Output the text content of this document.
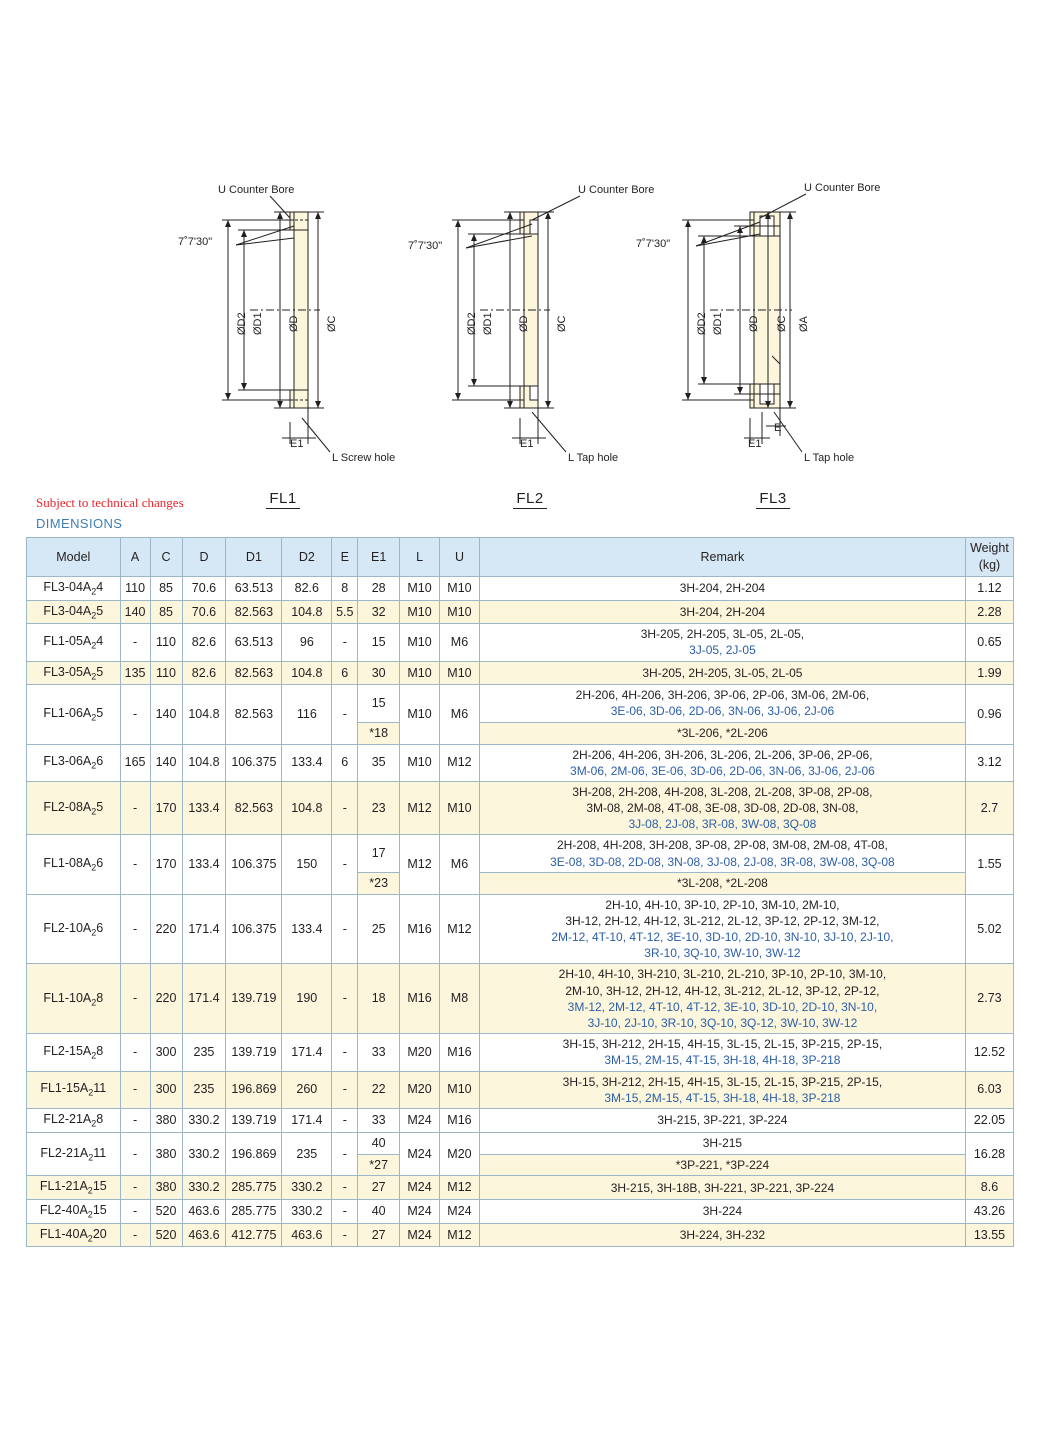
U Counter Bore
7˚7'30"
E1
L Screw hole
ØD2 ØD1 ØD ØC
FL1
U Counter Bore
7˚7'30"
E1
L Tap hole
ØD2 ØD1 ØD ØC
FL2
U Counter Bore
7˚7'30"
E1
E
L Tap hole
ØD2 ØD1 ØD ØC ØA
FL3
Subject to technical changes
DIMENSIONS
Model	A	C	D	D1	D2	E	E1	L	U	Remark	Weight
(kg)

$FL3-04A_24$	110	85	70.6	63.513	82.6	8	28	M10	M10	3H-204, 2H-204	1.12
$FL3-04A_25$	140	85	70.6	82.563	104.8	5.5	32	M10	M10	3H-204, 2H-204	2.28
$FL1-05A_24$	-	110	82.6	63.513	96	-	15	M10	M6	3H-205, 2H-205, 3L-05, 2L-05,
3J-05, 2J-05	0.65
$FL3-05A_25$	135	110	82.6	82.563	104.8	6	30	M10	M10	3H-205, 2H-205, 3L-05, 2L-05	1.99
$FL1-06A_25$	-	140	104.8	82.563	116	-	15	M10	M6	2H-206, 4H-206, 3H-206, 3P-06, 2P-06, 3M-06, 2M-06,
3E-06, 3D-06, 2D-06, 3N-06, 3J-06, 2J-06	0.96
							*18			*3L-206, *2L-206	

$FL3-06A_26$	165	140	104.8	106.375	133.4	6	35	M10	M12	2H-206, 4H-206, 3H-206, 3L-206, 2L-206, 3P-06, 2P-06,
3M-06, 2M-06, 3E-06, 3D-06, 2D-06, 3N-06, 3J-06, 2J-06	3.12
$FL2-08A_25$	-	170	133.4	82.563	104.8	-	23	M12	M10	3H-208, 2H-208, 4H-208, 3L-208, 2L-208, 3P-08, 2P-08,
3M-08, 2M-08, 4T-08, 3E-08, 3D-08, 2D-08, 3N-08,
3J-08, 2J-08, 3R-08, 3W-08, 3Q-08	2.7
$FL1-08A_26$	-	170	133.4	106.375	150	-	17	M12	M6	2H-208, 4H-208, 3H-208, 3P-08, 2P-08, 3M-08, 2M-08, 4T-08,
3E-08, 3D-08, 2D-08, 3N-08, 3J-08, 2J-08, 3R-08, 3W-08, 3Q-08	1.55
							*23			*3L-208, *2L-208	

$FL2-10A_26$	-	220	171.4	106.375	133.4	-	25	M16	M12	2H-10, 4H-10, 3P-10, 2P-10, 3M-10, 2M-10,
3H-12, 2H-12, 4H-12, 3L-212, 2L-12, 3P-12, 2P-12, 3M-12,
2M-12, 4T-10, 4T-12, 3E-10, 3D-10, 2D-10, 3N-10, 3J-10, 2J-10,
3R-10, 3Q-10, 3W-10, 3W-12	5.02
$FL1-10A_28$	-	220	171.4	139.719	190	-	18	M16	M8	2H-10, 4H-10, 3H-210, 3L-210, 2L-210, 3P-10, 2P-10, 3M-10,
2M-10, 3H-12, 2H-12, 4H-12, 3L-212, 2L-12, 3P-12, 2P-12,
3M-12, 2M-12, 4T-10, 4T-12, 3E-10, 3D-10, 2D-10, 3N-10,
3J-10, 2J-10, 3R-10, 3Q-10, 3Q-12, 3W-10, 3W-12	2.73
$FL2-15A_28$	-	300	235	139.719	171.4	-	33	M20	M16	3H-15, 3H-212, 2H-15, 4H-15, 3L-15, 2L-15, 3P-215, 2P-15,
3M-15, 2M-15, 4T-15, 3H-18, 4H-18, 3P-218	12.52
$FL1-15A_211$	-	300	235	196.869	260	-	22	M20	M10	3H-15, 3H-212, 2H-15, 4H-15, 3L-15, 2L-15, 3P-215, 2P-15,
3M-15, 2M-15, 4T-15, 3H-18, 4H-18, 3P-218	6.03
$FL2-21A_28$	-	380	330.2	139.719	171.4	-	33	M24	M16	3H-215, 3P-221, 3P-224	22.05
$FL2-21A_211$	-	380	330.2	196.869	235	-	40	M24	M20	3H-215	16.28
							*27			*3P-221, *3P-224	

$FL1-21A_215$	-	380	330.2	285.775	330.2	-	27	M24	M12	3H-215, 3H-18B, 3H-221, 3P-221, 3P-224	8.6
$FL2-40A_215$	-	520	463.6	285.775	330.2	-	40	M24	M24	3H-224	43.26
$FL1-40A_220$	-	520	463.6	412.775	463.6	-	27	M24	M12	3H-224, 3H-232	13.55
